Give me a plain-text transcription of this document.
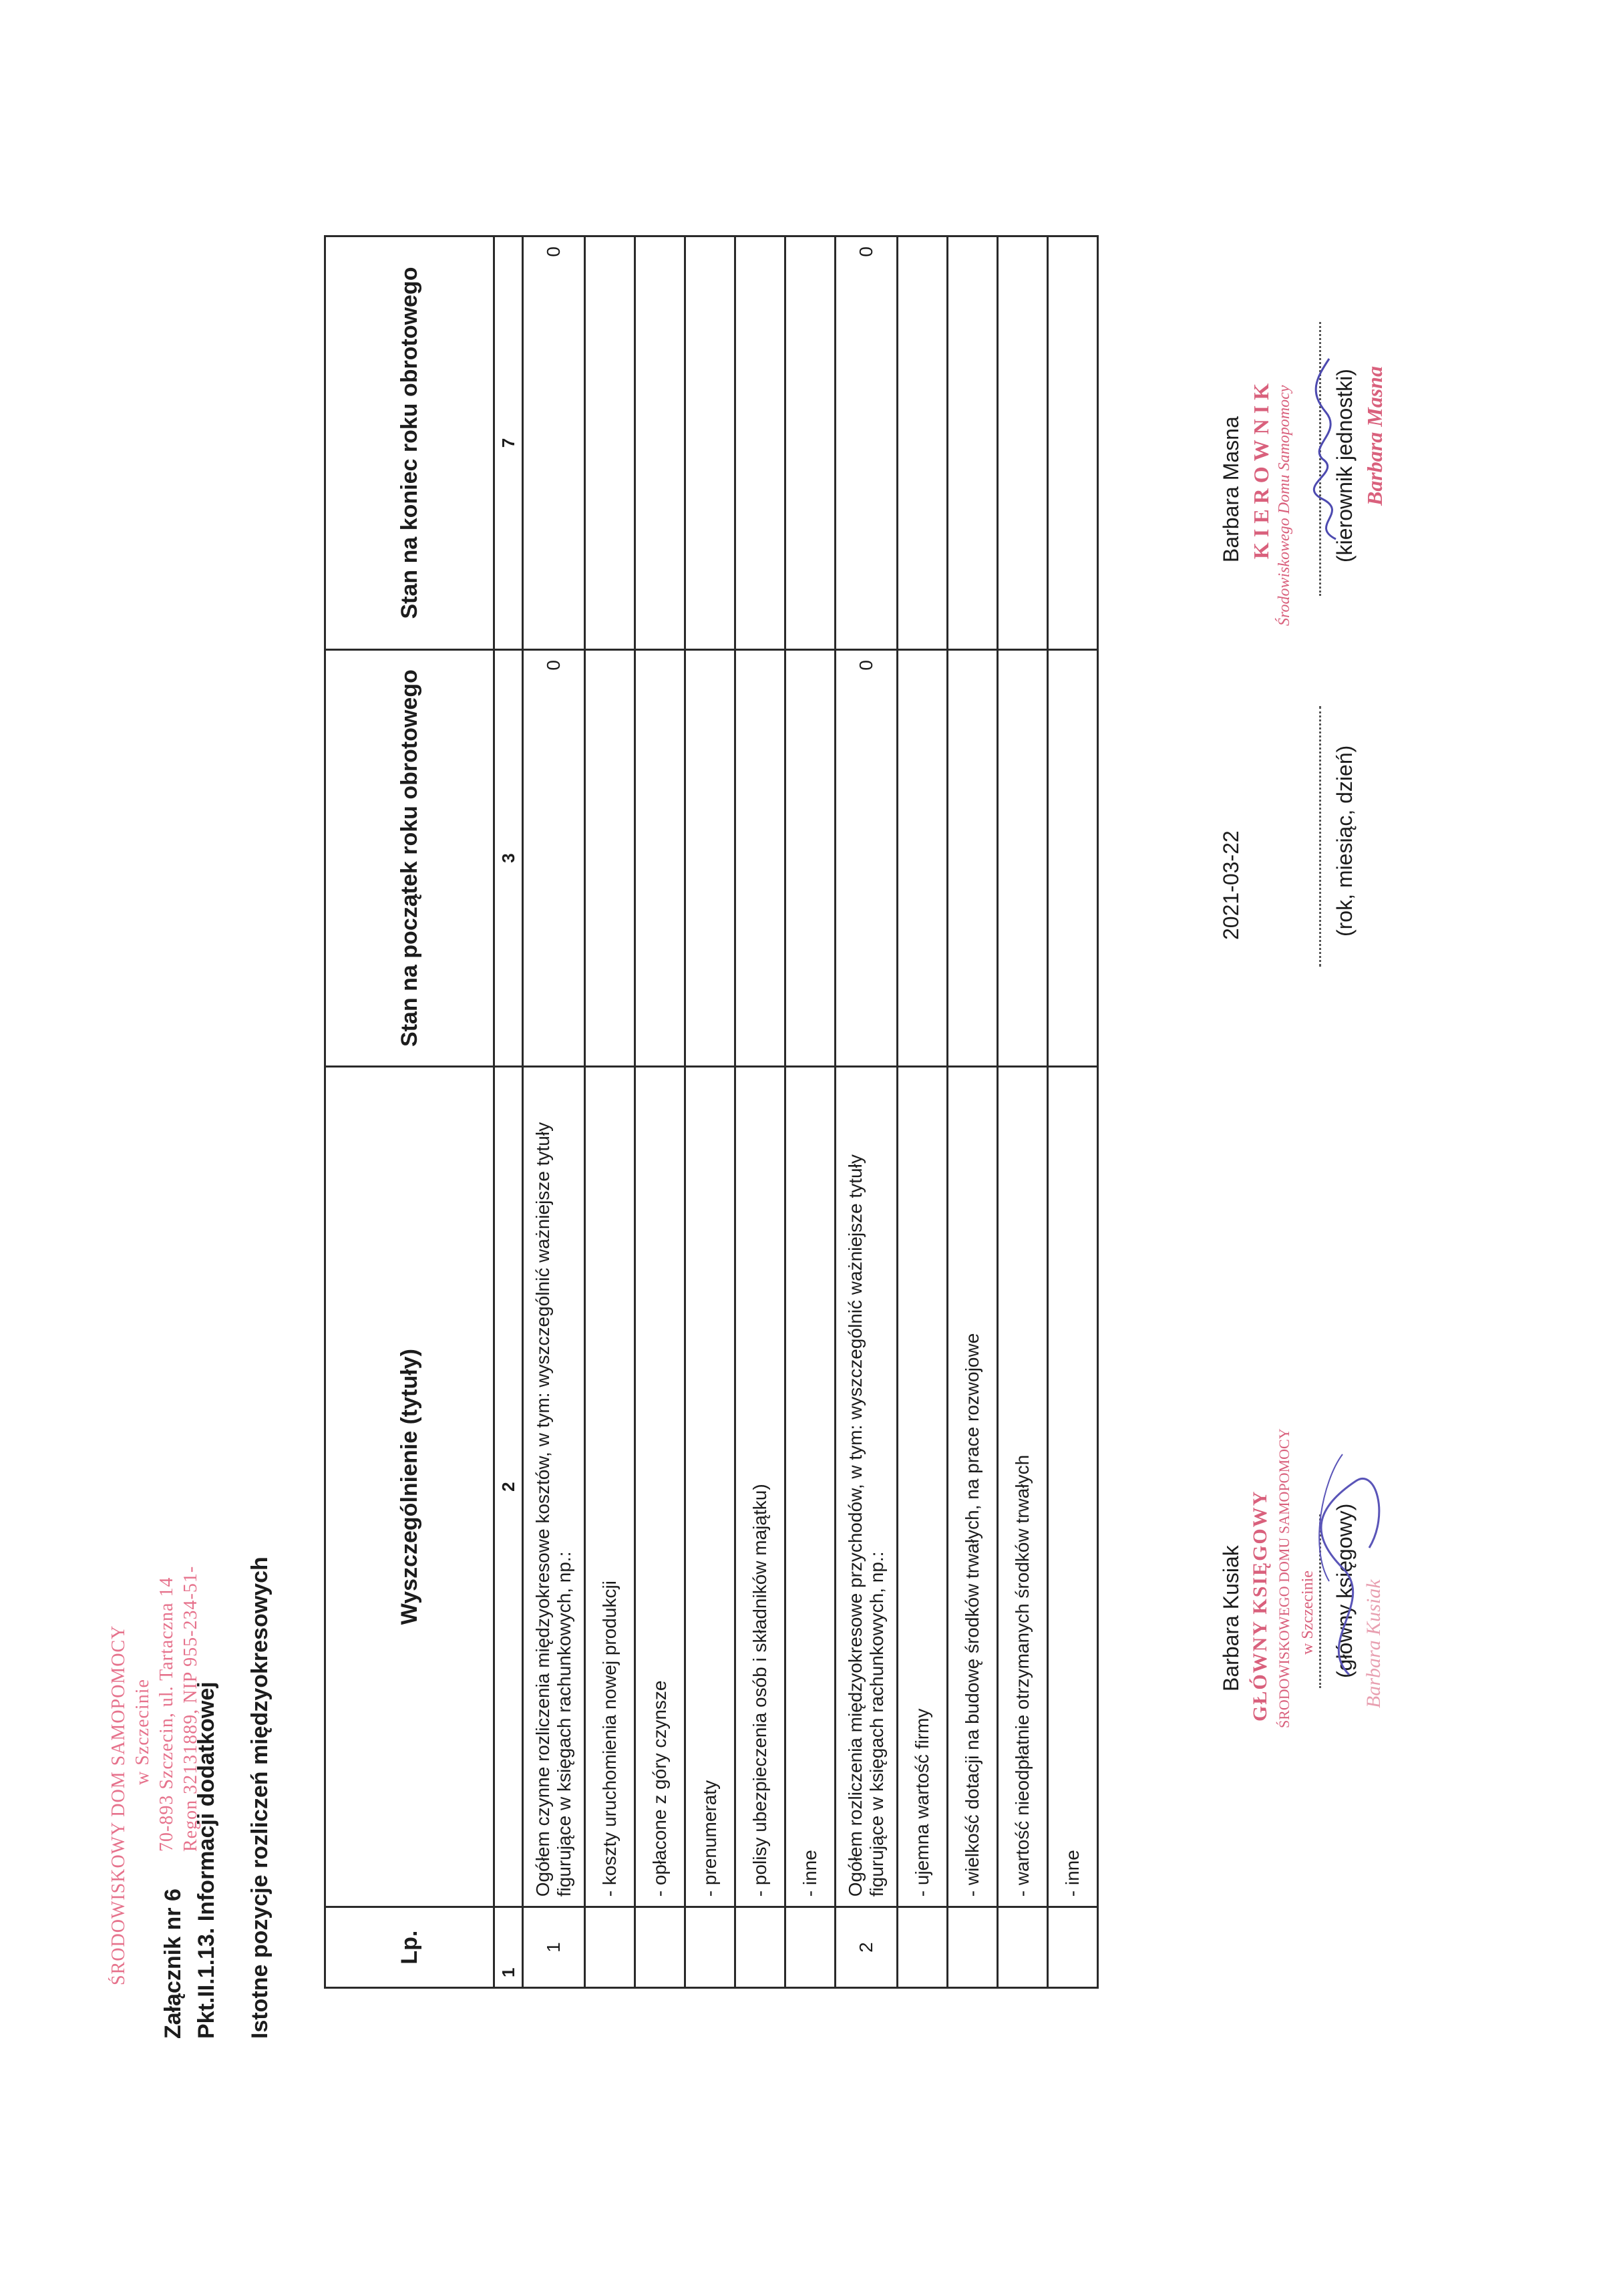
ŚRODOWISKOWY DOM SAMOPOMOCY w Szczecinie 70-893 Szczecin, ul. Tartaczna 14 Regon 32131889, NIP 955-234-51-
Załącznik nr 6 Pkt.II.1.13. Informacji dodatkowej Istotne pozycje rozliczeń międzyokresowych	Lp.	Wyszczególnienie (tytuły)	Stan na początek roku obrotowego	Stan na koniec roku obrotowego
1	2	3	7
1	Ogółem czynne rozliczenia międzyokresowe kosztów, w tym: wyszczególnić ważniejsze tytuły figurujące w księgach rachunkowych, np.:	0	0
	- koszty uruchomienia nowej produkcji		
	- opłacone z góry czynsze		
	- prenumeraty		
	- polisy ubezpieczenia osób i składników majątku)		
	- inne		
2	Ogółem rozliczenia międzyokresowe przychodów, w tym: wyszczególnić ważniejsze tytuły figurujące w księgach rachunkowych, np.:	0	0
	- ujemna wartość firmy		
	- wielkość dotacji na budowę środków trwałych, na prace rozwojowe		
	- wartość nieodpłatnie otrzymanych środków trwałych		
	- inne		
Barbara Kusiak	(główny księgowy)
GŁÓWNY KSIĘGOWY ŚRODOWISKOWEGO DOMU SAMOPOMOCY w Szczecinie Barbara Kusiak
2021-03-22	(rok, miesiąc, dzień)
Barbara Masna	(kierownik jednostki)
KIEROWNIK Środowiskowego Domu Samopomocy	Barbara Masna
